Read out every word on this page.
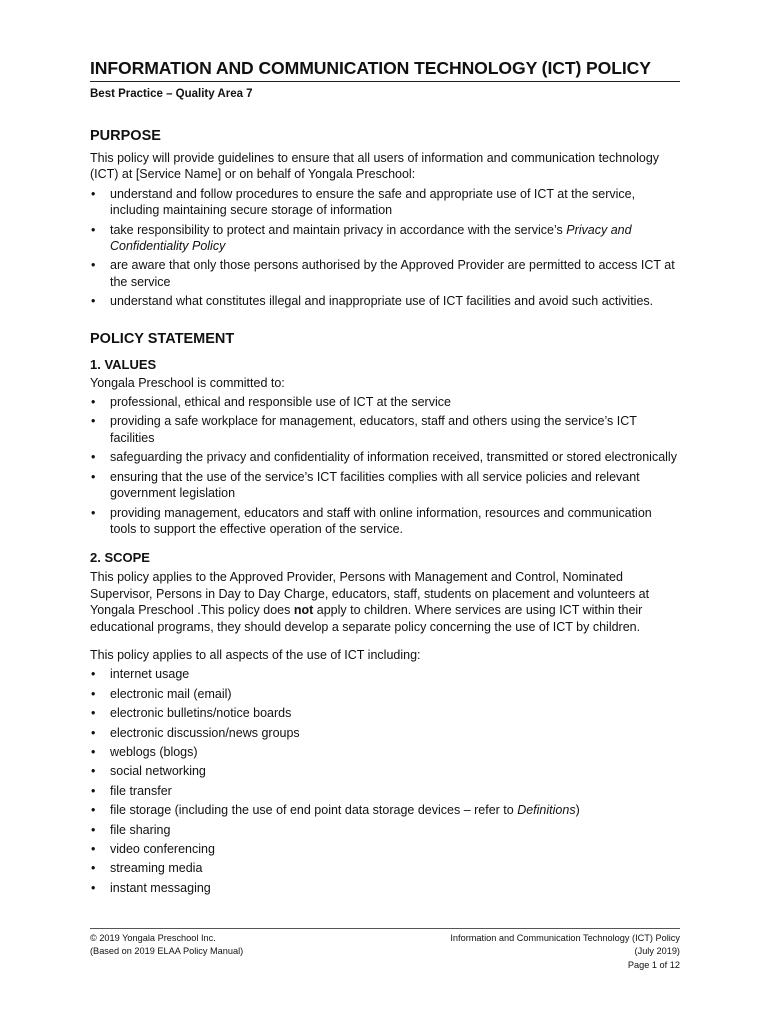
INFORMATION AND COMMUNICATION TECHNOLOGY (ICT) POLICY
Best Practice – Quality Area 7
PURPOSE

This policy will provide guidelines to ensure that all users of information and communication technology (ICT) at [Service Name] or on behalf of Yongala Preschool:

• understand and follow procedures to ensure the safe and appropriate use of ICT at the service, including maintaining secure storage of information
• take responsibility to protect and maintain privacy in accordance with the service’s Privacy and Confidentiality Policy
• are aware that only those persons authorised by the Approved Provider are permitted to access ICT at the service
• understand what constitutes illegal and inappropriate use of ICT facilities and avoid such activities.
POLICY STATEMENT
1. VALUES

Yongala Preschool is committed to:

• professional, ethical and responsible use of ICT at the service
• providing a safe workplace for management, educators, staff and others using the service’s ICT facilities
• safeguarding the privacy and confidentiality of information received, transmitted or stored electronically
• ensuring that the use of the service’s ICT facilities complies with all service policies and relevant government legislation
• providing management, educators and staff with online information, resources and communication tools to support the effective operation of the service.
2. SCOPE

This policy applies to the Approved Provider, Persons with Management and Control, Nominated Supervisor, Persons in Day to Day Charge, educators, staff, students on placement and volunteers at Yongala Preschool .This policy does not apply to children. Where services are using ICT within their educational programs, they should develop a separate policy concerning the use of ICT by children.

This policy applies to all aspects of the use of ICT including:

• internet usage
• electronic mail (email)
• electronic bulletins/notice boards
• electronic discussion/news groups
• weblogs (blogs)
• social networking
• file transfer
• file storage (including the use of end point data storage devices – refer to Definitions)
• file sharing
• video conferencing
• streaming media
• instant messaging
© 2019 Yongala Preschool Inc.
(Based on 2019 ELAA Policy Manual)
Information and Communication Technology (ICT) Policy
(July 2019)
Page 1 of 12
